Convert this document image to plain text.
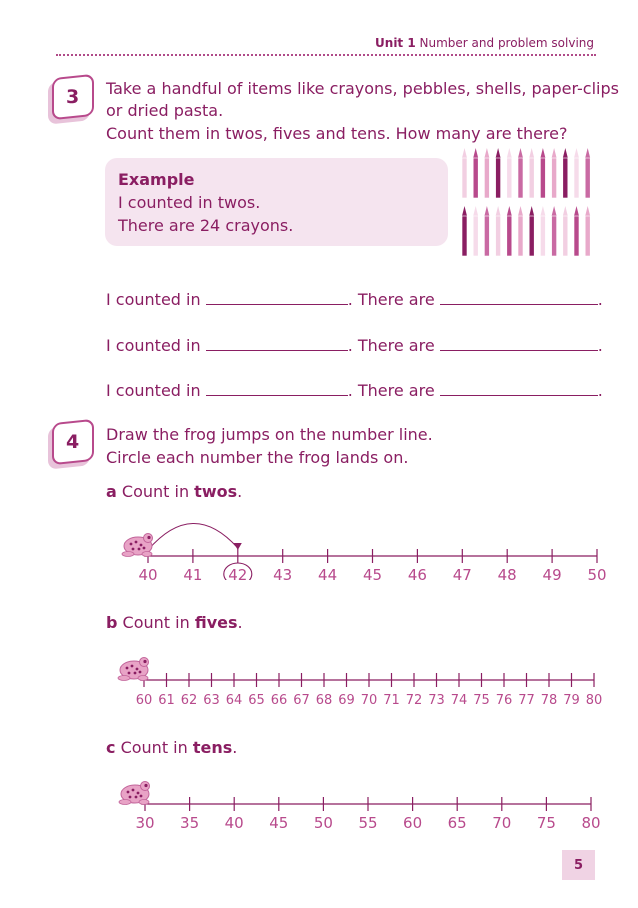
Unit 1 Number and problem solving
3 Take a handful of items like crayons, pebbles, shells, paper-clips

or dried pasta.

Count them in twos, fives and tens. How many are there?

Example
I counted in twos.
There are 24 crayons.
I counted in	. There are	.
I counted in	. There are	.
I counted in	. There are	.
4 Draw the frog jumps on the number line.

Circle each number the frog lands on.

a Count in twos.
40 41 42 43 44 45 46 47 48 49 50
b Count in fives.
60 61 62 63 64 65 66 67 68 69 70 71 72 73 74 75 76 77 78 79 80
c Count in tens.
30 35 40 45 50 55 60 65 70 75 80
5
